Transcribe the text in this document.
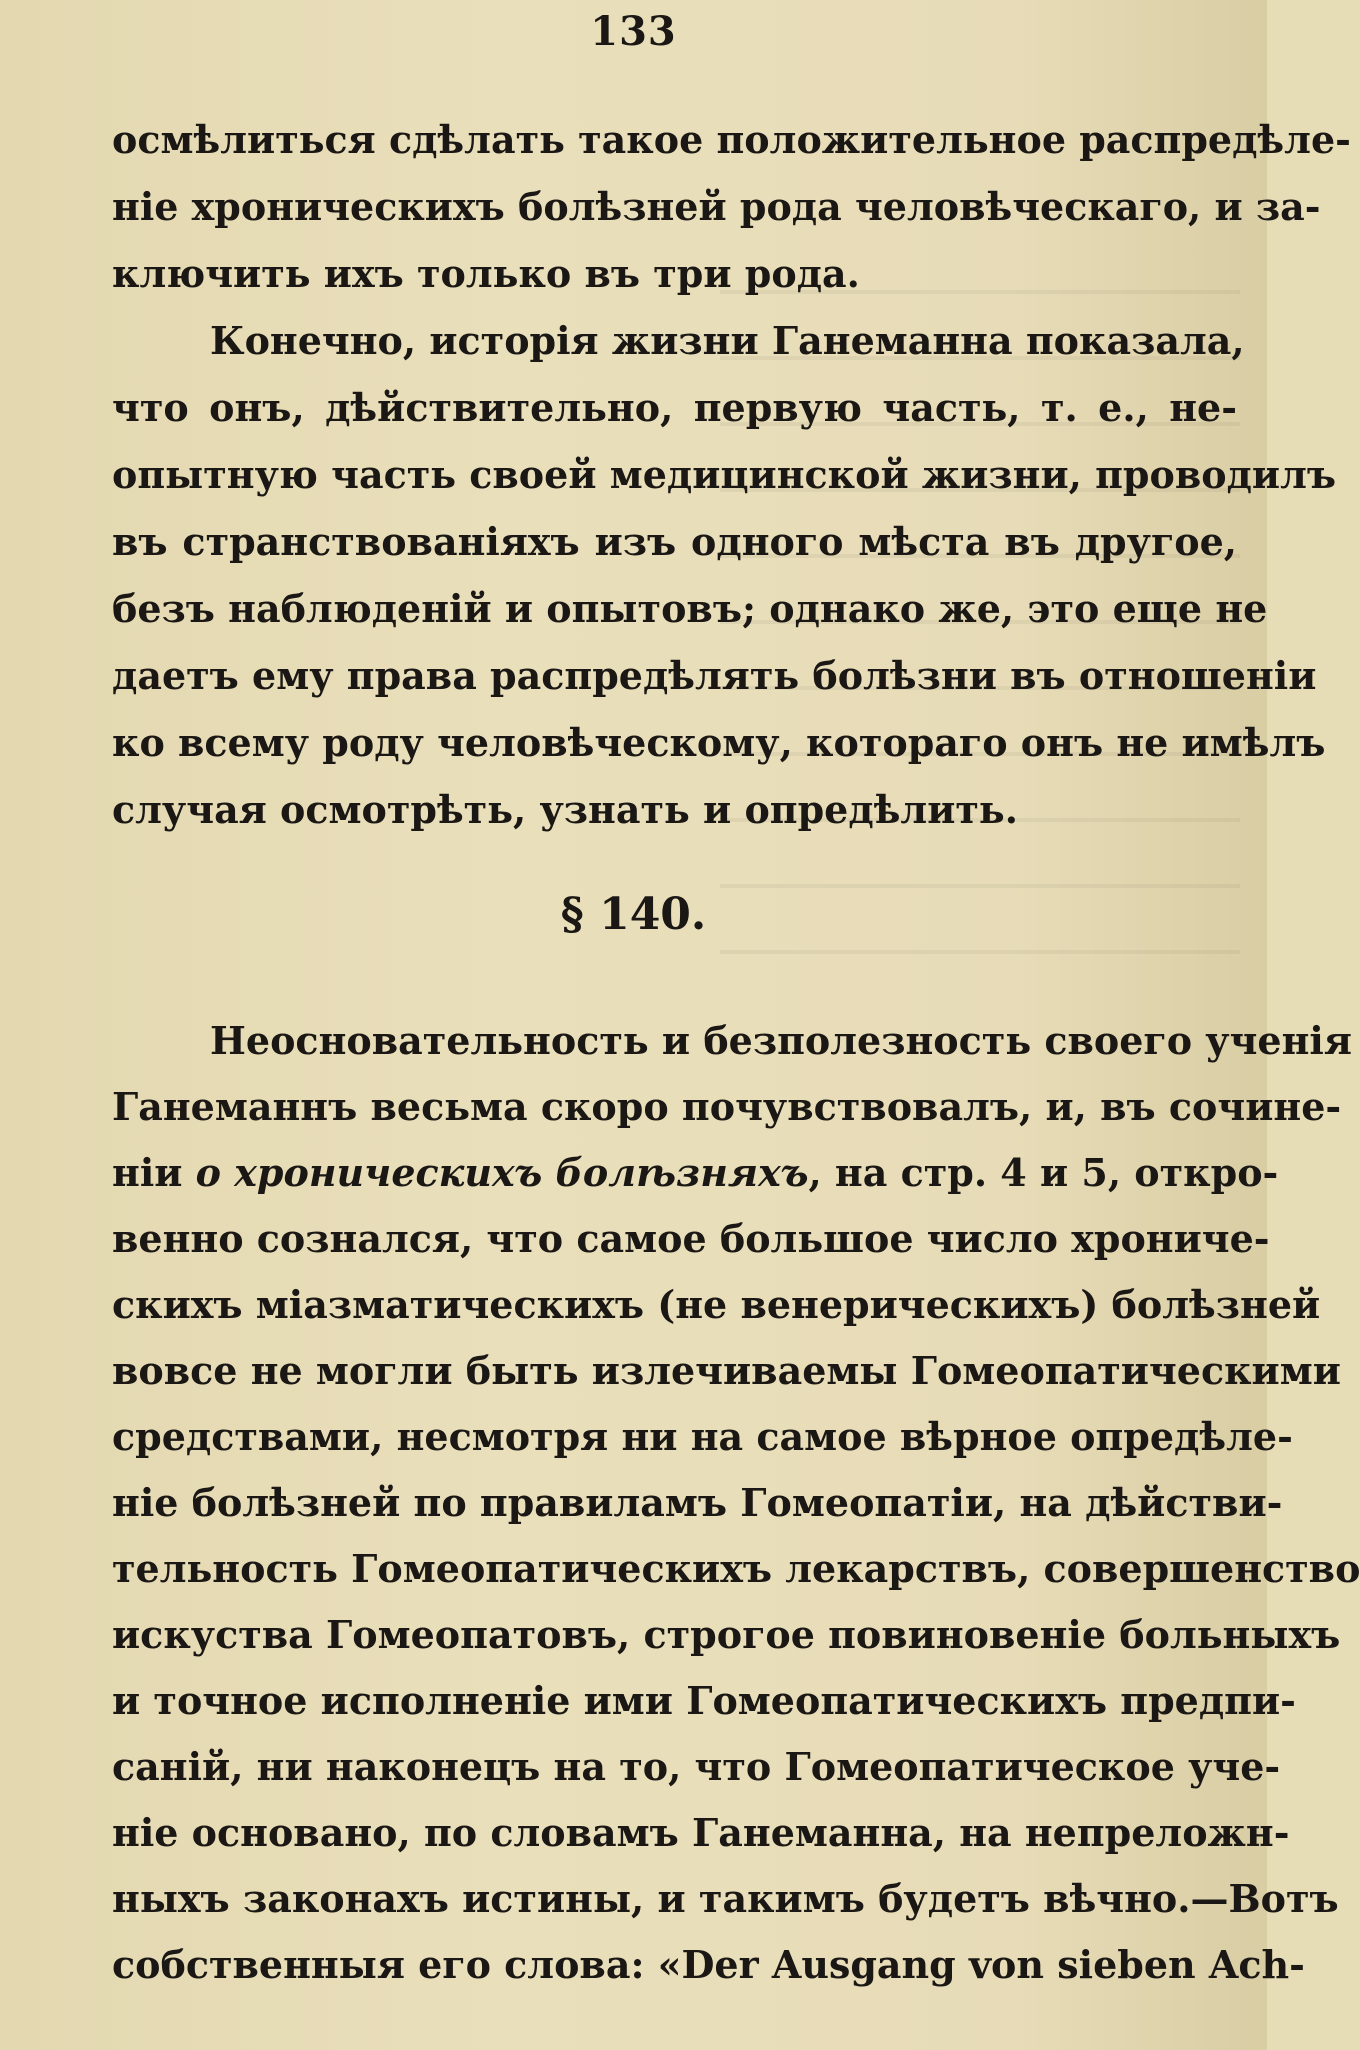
133
осмѣлиться сдѣлать такое положительное распредѣле-
ніе хроническихъ болѣзней рода человѣческаго, и за-
ключить ихъ только въ три рода.
Конечно, исторія жизни Ганеманна показала,
что онъ, дѣйствительно, первую часть, т. е., не-
опытную часть своей медицинской жизни, проводилъ
въ странствованіяхъ изъ одного мѣста въ другое,
безъ наблюденій и опытовъ; однако же, это еще не
даетъ ему права распредѣлять болѣзни въ отношеніи
ко всему роду человѣческому, котораго онъ не имѣлъ
случая осмотрѣть, узнать и опредѣлить.
§ 140.
Неосновательность и безполезность своего ученія
Ганеманнъ весьма скоро почувствовалъ, и, въ сочине-
ніи о хроническихъ болѣзняхъ, на стр. 4 и 5, откро-
венно сознался, что самое большое число хрониче-
скихъ міазматическихъ (не венерическихъ) болѣзней
вовсе не могли быть излечиваемы Гомеопатическими
средствами, несмотря ни на самое вѣрное опредѣле-
ніе болѣзней по правиламъ Гомеопатіи, на дѣйстви-
тельность Гомеопатическихъ лекарствъ, совершенство
искуства Гомеопатовъ, строгое повиновеніе больныхъ
и точное исполненіе ими Гомеопатическихъ предпи-
саній, ни наконецъ на то, что Гомеопатическое уче-
ніе основано, по словамъ Ганеманна, на непреложн-
ныхъ законахъ истины, и такимъ будетъ вѣчно.—Вотъ
собственныя его слова: «Der Ausgang von sieben Ach-
